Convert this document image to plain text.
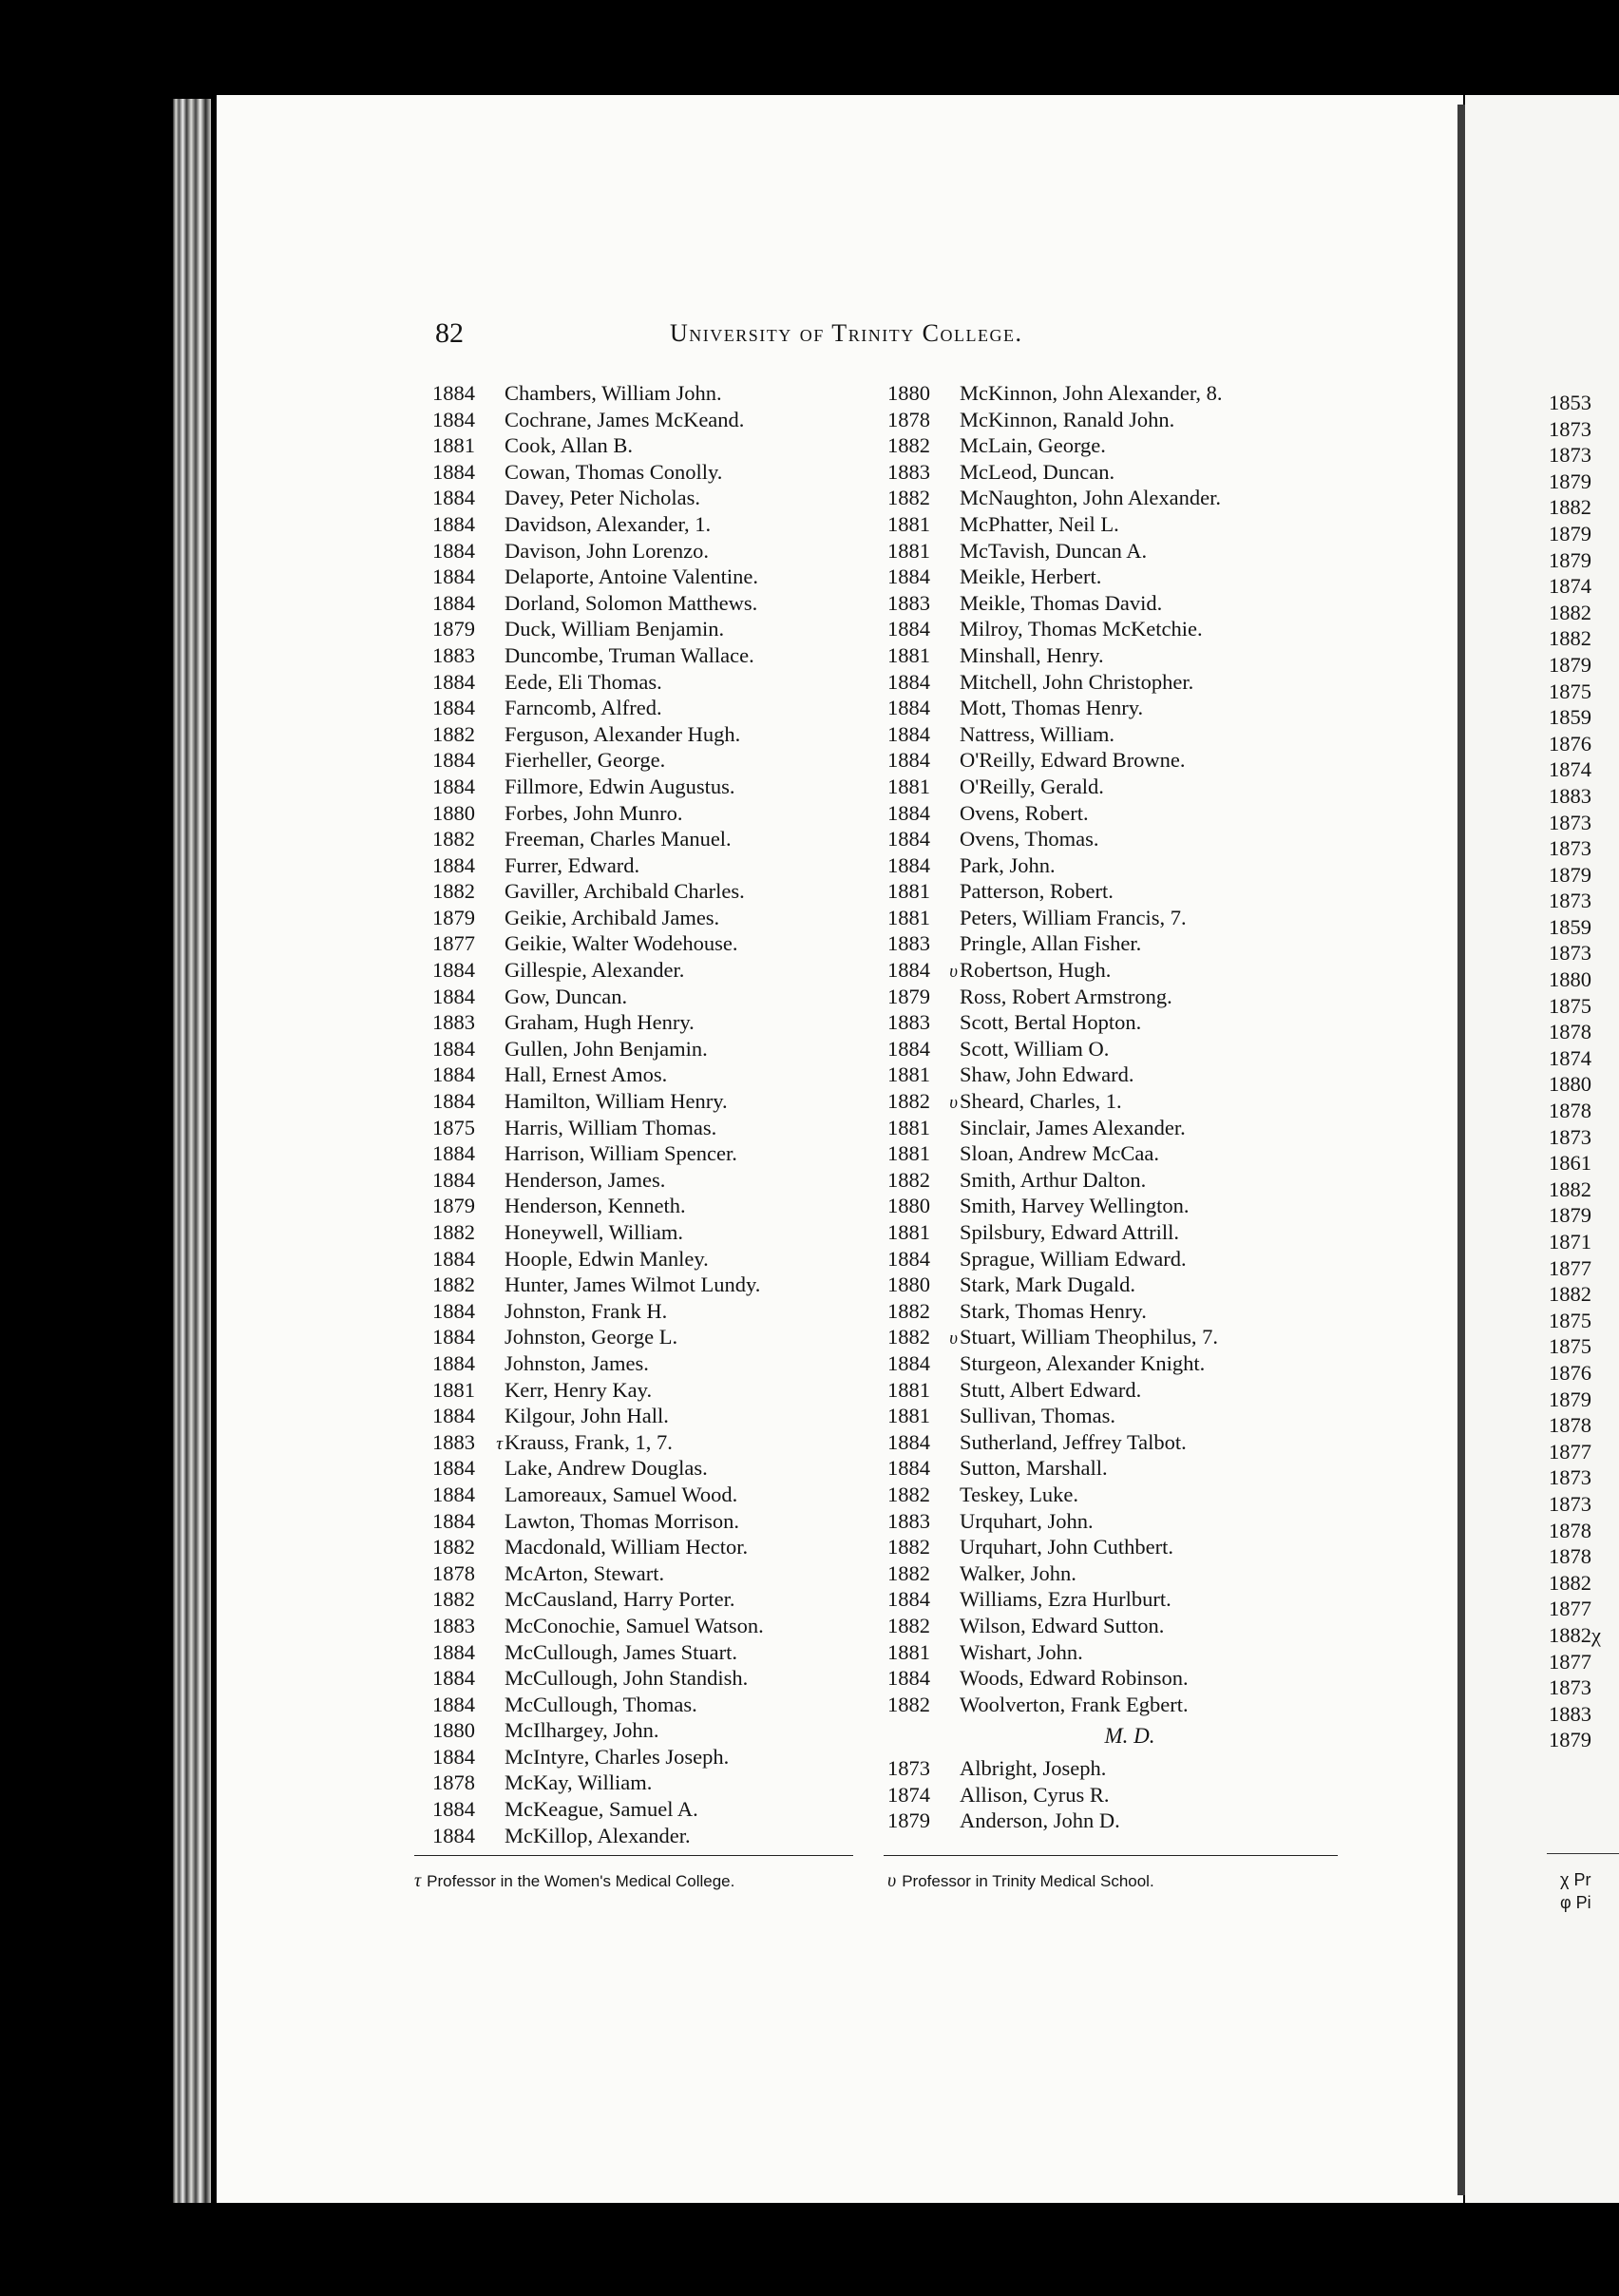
1853
1873
1873
1879
1882
1879
1879
1874
1882
1882
1879
1875
1859
1876
1874
1883
1873
1873
1879
1873
1859
1873
1880
1875
1878
1874
1880
1878
1873
1861
1882
1879
1871
1877
1882
1875
1875
1876
1879
1878
1877
1873
1873
1878
1878
1882
1877
1882χ
1877
1873
1883
1879
χ Pr
φ Pi
82	University of Trinity College.
1884 Chambers, William John.
1884 Cochrane, James McKeand.
1881 Cook, Allan B.
1884 Cowan, Thomas Conolly.
1884 Davey, Peter Nicholas.
1884 Davidson, Alexander, 1.
1884 Davison, John Lorenzo.
1884 Delaporte, Antoine Valentine.
1884 Dorland, Solomon Matthews.
1879 Duck, William Benjamin.
1883 Duncombe, Truman Wallace.
1884 Eede, Eli Thomas.
1884 Farncomb, Alfred.
1882 Ferguson, Alexander Hugh.
1884 Fierheller, George.
1884 Fillmore, Edwin Augustus.
1880 Forbes, John Munro.
1882 Freeman, Charles Manuel.
1884 Furrer, Edward.
1882 Gaviller, Archibald Charles.
1879 Geikie, Archibald James.
1877 Geikie, Walter Wodehouse.
1884 Gillespie, Alexander.
1884 Gow, Duncan.
1883 Graham, Hugh Henry.
1884 Gullen, John Benjamin.
1884 Hall, Ernest Amos.
1884 Hamilton, William Henry.
1875 Harris, William Thomas.
1884 Harrison, William Spencer.
1884 Henderson, James.
1879 Henderson, Kenneth.
1882 Honeywell, William.
1884 Hoople, Edwin Manley.
1882 Hunter, James Wilmot Lundy.
1884 Johnston, Frank H.
1884 Johnston, George L.
1884 Johnston, James.
1881 Kerr, Henry Kay.
1884 Kilgour, John Hall.
1883 τKrauss, Frank, 1, 7.
1884 Lake, Andrew Douglas.
1884 Lamoreaux, Samuel Wood.
1884 Lawton, Thomas Morrison.
1882 Macdonald, William Hector.
1878 McArton, Stewart.
1882 McCausland, Harry Porter.
1883 McConochie, Samuel Watson.
1884 McCullough, James Stuart.
1884 McCullough, John Standish.
1884 McCullough, Thomas.
1880 McIlhargey, John.
1884 McIntyre, Charles Joseph.
1878 McKay, William.
1884 McKeague, Samuel A.
1884 McKillop, Alexander.
1880 McKinnon, John Alexander, 8.
1878 McKinnon, Ranald John.
1882 McLain, George.
1883 McLeod, Duncan.
1882 McNaughton, John Alexander.
1881 McPhatter, Neil L.
1881 McTavish, Duncan A.
1884 Meikle, Herbert.
1883 Meikle, Thomas David.
1884 Milroy, Thomas McKetchie.
1881 Minshall, Henry.
1884 Mitchell, John Christopher.
1884 Mott, Thomas Henry.
1884 Nattress, William.
1884 O'Reilly, Edward Browne.
1881 O'Reilly, Gerald.
1884 Ovens, Robert.
1884 Ovens, Thomas.
1884 Park, John.
1881 Patterson, Robert.
1881 Peters, William Francis, 7.
1883 Pringle, Allan Fisher.
1884 υRobertson, Hugh.
1879 Ross, Robert Armstrong.
1883 Scott, Bertal Hopton.
1884 Scott, William O.
1881 Shaw, John Edward.
1882 υSheard, Charles, 1.
1881 Sinclair, James Alexander.
1881 Sloan, Andrew McCaa.
1882 Smith, Arthur Dalton.
1880 Smith, Harvey Wellington.
1881 Spilsbury, Edward Attrill.
1884 Sprague, William Edward.
1880 Stark, Mark Dugald.
1882 Stark, Thomas Henry.
1882 υStuart, William Theophilus, 7.
1884 Sturgeon, Alexander Knight.
1881 Stutt, Albert Edward.
1881 Sullivan, Thomas.
1884 Sutherland, Jeffrey Talbot.
1884 Sutton, Marshall.
1882 Teskey, Luke.
1883 Urquhart, John.
1882 Urquhart, John Cuthbert.
1882 Walker, John.
1884 Williams, Ezra Hurlburt.
1882 Wilson, Edward Sutton.
1881 Wishart, John.
1884 Woods, Edward Robinson.
1882 Woolverton, Frank Egbert.
M. D.
1873 Albright, Joseph.
1874 Allison, Cyrus R.
1879 Anderson, John D.
τ Professor in the Women's Medical College.	υ Professor in Trinity Medical School.
